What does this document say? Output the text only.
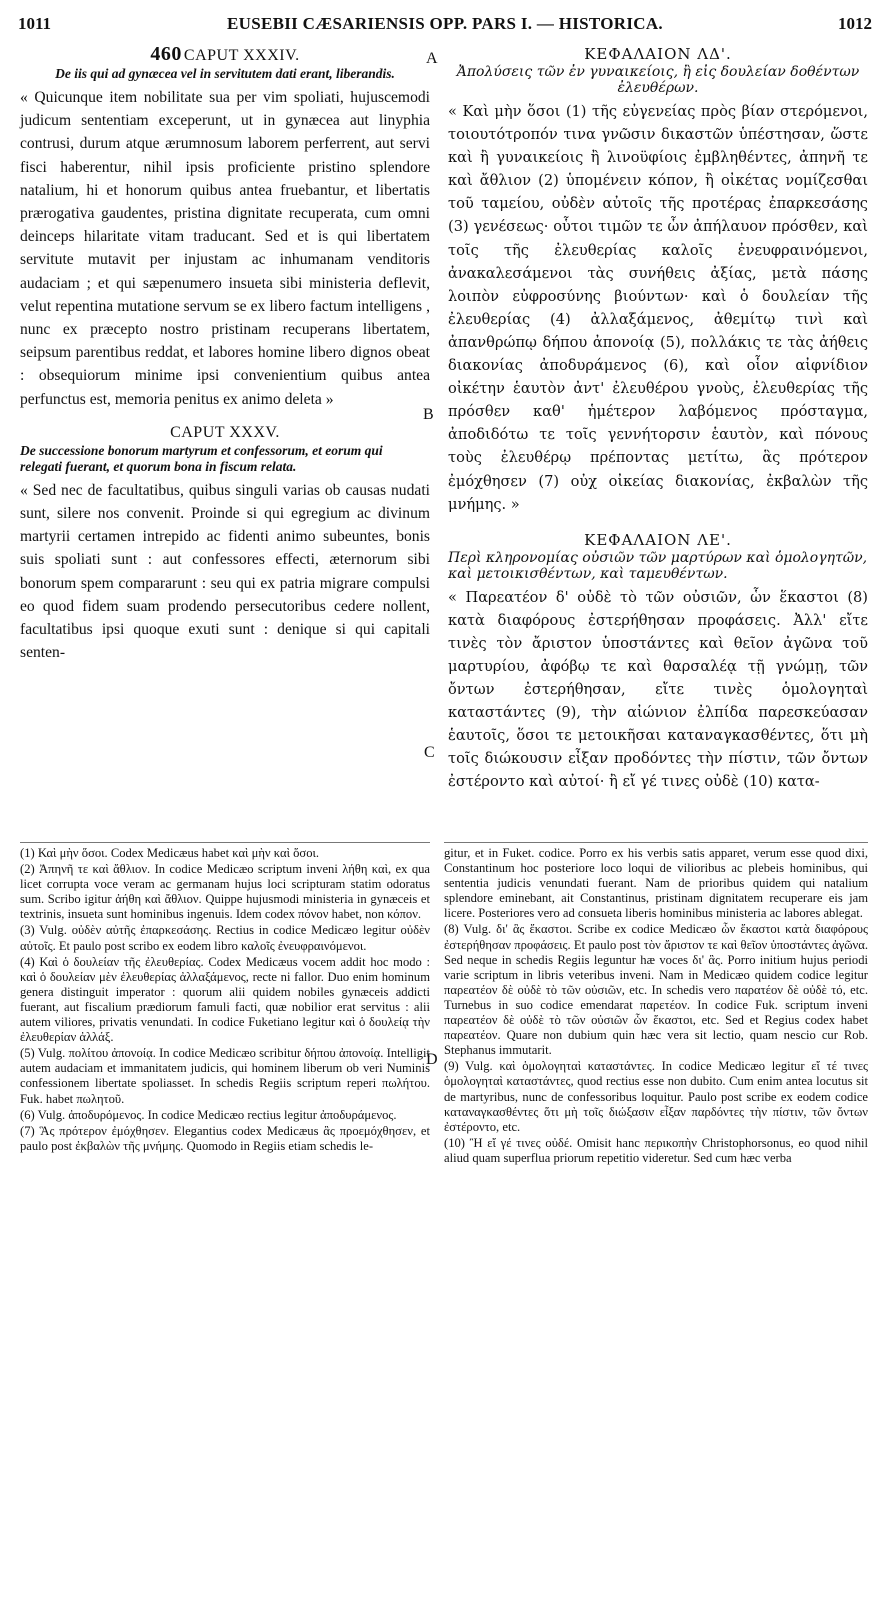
1011	EUSEBII CÆSARIENSIS OPP. PARS I. — HISTORICA.	1012
A
B
C
D
460 CAPUT XXXIV.
De iis qui ad gynæcea vel in servitutem dati erant, liberandis.

« Quicunque item nobilitate sua per vim spoliati, hujuscemodi judicum sententiam exceperunt, ut in gynæcea aut linyphia contrusi, durum atque ærumnosum laborem perferrent, aut servi fisci haberentur, nihil ipsis proficiente pristino splendore natalium, hi et honorum quibus antea fruebantur, et libertatis prærogativa gaudentes, pristina dignitate recuperata, cum omni deinceps hilaritate vitam traducant. Sed et is qui libertatem servitute mutavit per injustam ac inhumanam venditoris audaciam ; et qui sæpenumero insueta sibi ministeria deflevit, velut repentina mutatione servum se ex libero factum intelligens , nunc ex præcepto nostro pristinam recuperans libertatem, seipsum parentibus reddat, et labores homine libero dignos obeat : obsequiorum minime ipsi convenientium quibus antea perfunctus est, memoria penitus ex animo deleta »

CAPUT XXXV.
De successione bonorum martyrum et confessorum, et eorum qui relegati fuerant, et quorum bona in fiscum relata.

« Sed nec de facultatibus, quibus singuli varias ob causas nudati sunt, silere nos convenit. Proinde si qui egregium ac divinum martyrii certamen intrepido ac fidenti animo subeuntes, bonis suis spoliati sunt : aut confessores effecti, æternorum sibi bonorum spem compararunt : seu qui ex patria migrare compulsi eo quod fidem suam prodendo persecutoribus cedere nollent, facultatibus ipsi quoque exuti sunt : denique si qui capitali senten-

ΚΕΦΑΛΑΙΟΝ ΛΔ'.
Ἀπολύσεις τῶν ἐν γυναικείοις, ἢ εἰς δουλείαν δοθέντων ἐλευθέρων.

« Καὶ μὴν ὅσοι (1) τῆς εὐγενείας πρὸς βίαν στερόμενοι, τοιουτότροπόν τινα γνῶσιν δικαστῶν ὑπέστησαν, ὥστε καὶ ἢ γυναικείοις ἢ λινοϋφίοις ἐμβληθέντες, ἀπηνῆ τε καὶ ἄθλιον (2) ὑπομένειν κόπον, ἢ οἰκέτας νομίζεσθαι τοῦ ταμείου, οὐδὲν αὐτοῖς τῆς προτέρας ἐπαρκεσάσης (3) γενέσεως· οὗτοι τιμῶν τε ὧν ἀπήλαυον πρόσθεν, καὶ τοῖς τῆς ἐλευθερίας καλοῖς ἐνευφραινόμενοι, ἀνακαλεσάμενοι τὰς συνήθεις ἀξίας, μετὰ πάσης λοιπὸν εὐφροσύνης βιούντων· καὶ ὁ δουλείαν τῆς ἐλευθερίας (4) ἀλλαξάμενος, ἀθεμίτῳ τινὶ καὶ ἀπανθρώπῳ δήπου ἀπονοίᾳ (5), πολλάκις τε τὰς ἀήθεις διακονίας ἀποδυράμενος (6), καὶ οἷον αἰφνίδιον οἰκέτην ἑαυτὸν ἀντ' ἐλευθέρου γνοὺς, ἐλευθερίας τῆς πρόσθεν καθ' ἡμέτερον λαβόμενος πρόσταγμα, ἀποδιδότω τε τοῖς γεννήτορσιν ἑαυτὸν, καὶ πόνους τοὺς ἐλευθέρῳ πρέποντας μετίτω, ἃς πρότερον ἐμόχθησεν (7) οὐχ οἰκείας διακονίας, ἐκβαλὼν τῆς μνήμης. »

ΚΕΦΑΛΑΙΟΝ ΛΕ'.
Περὶ κληρονομίας οὐσιῶν τῶν μαρτύρων καὶ ὁμολογητῶν, καὶ μετοικισθέντων, καὶ ταμευθέντων.

« Παρεατέον δ' οὐδὲ τὸ τῶν οὐσιῶν, ὧν ἕκαστοι (8) κατὰ διαφόρους ἐστερήθησαν προφάσεις. Ἀλλ' εἴτε τινὲς τὸν ἄριστον ὑποστάντες καὶ θεῖον ἀγῶνα τοῦ μαρτυρίου, ἀφόβῳ τε καὶ θαρσαλέᾳ τῇ γνώμῃ, τῶν ὄντων ἐστερήθησαν, εἴτε τινὲς ὁμολογηταὶ καταστάντες (9), τὴν αἰώνιον ἐλπίδα παρεσκεύασαν ἑαυτοῖς, ὅσοι τε μετοικῆσαι καταναγκασθέντες, ὅτι μὴ τοῖς διώκουσιν εἶξαν προδόντες τὴν πίστιν, τῶν ὄντων ἐστέροντο καὶ αὐτοί· ἢ εἴ γέ τινες οὐδὲ (10) κατα-

(1) Καὶ μὴν ὅσοι. Codex Medicæus habet καὶ μὴν καὶ ὅσοι.

(2) Ἀπηνῆ τε καὶ ἄθλιον. In codice Medicæo scriptum inveni λήθη καὶ, ex qua licet corrupta voce veram ac germanam hujus loci scripturam statim odoratus sum. Scribo igitur ἀήθη καὶ ἄθλιον. Quippe hujusmodi ministeria in gynæceis et textrinis, insueta sunt hominibus ingenuis. Idem codex πόνον habet, non κόπον.

(3) Vulg. οὐδὲν αὐτῆς ἐπαρκεσάσης. Rectius in codice Medicæo legitur οὐδὲν αὐτοῖς. Et paulo post scribo ex eodem libro καλοῖς ἐνευφραινόμενοι.

(4) Καὶ ὁ δουλείαν τῆς ἐλευθερίας. Codex Medicæus vocem addit hoc modo : καὶ ὁ δουλείαν μὲν ἐλευθερίας ἀλλαξάμενος, recte ni fallor. Duo enim hominum genera distinguit imperator : quorum alii quidem nobiles gynæceis addicti fuerant, aut fiscalium prædiorum famuli facti, quæ nobilior erat servitus : alii autem viliores, privatis venundati. In codice Fuketiano legitur καὶ ὁ δουλείᾳ τὴν ἐλευθερίαν ἀλλάξ.

(5) Vulg. πολίτου ἀπονοίᾳ. In codice Medicæo scribitur δήπου ἀπονοίᾳ. Intelligit autem audaciam et immanitatem judicis, qui hominem liberum ob veri Numinis confessionem libertate spoliasset. In schedis Regiis scriptum reperi πωλήτου. Fuk. habet πωλητοῦ.

(6) Vulg. ἀποδυρόμενος. In codice Medicæo rectius legitur ἀποδυράμενος.

(7) Ἃς πρότερον ἐμόχθησεν. Elegantius codex Medicæus ἃς προεμόχθησεν, et paulo post ἐκβαλὼν τῆς μνήμης. Quomodo in Regiis etiam schedis le-

gitur, et in Fuket. codice. Porro ex his verbis satis apparet, verum esse quod dixi, Constantinum hoc posteriore loco loqui de vilioribus ac plebeis hominibus, qui sententia judicis venundati fuerant. Nam de prioribus quidem qui natalium splendore eminebant, ait Constantinus, pristinam dignitatem recuperare eis jam licere. Posteriores vero ad consueta liberis hominibus ministeria ac labores ablegat.

(8) Vulg. δι' ἃς ἕκαστοι. Scribe ex codice Medicæo ὧν ἕκαστοι κατὰ διαφόρους ἐστερήθησαν προφάσεις. Et paulo post τὸν ἄριστον τε καὶ θεῖον ὑποστάντες ἀγῶνα. Sed neque in schedis Regiis leguntur hæ voces δι' ἃς. Porro initium hujus periodi varie scriptum in libris veteribus inveni. Nam in Medicæo quidem codice legitur παρεατέον δὲ οὐδὲ τὸ τῶν οὐσιῶν, etc. In schedis vero παρατέον δὲ οὐδὲ τό, etc. Turnebus in suo codice emendarat παρετέον. In codice Fuk. scriptum inveni παρεατέον δὲ οὐδὲ τὸ τῶν οὐσιῶν ὧν ἕκαστοι, etc. Sed et Regius codex habet παρεατέον. Quare non dubium quin hæc vera sit lectio, quam nescio cur Rob. Stephanus immutarit.

(9) Vulg. καὶ ὁμολογηταὶ καταστάντες. In codice Medicæo legitur εἴ τέ τινες ὁμολογηταὶ καταστάντες, quod rectius esse non dubito. Cum enim antea locutus sit de martyribus, nunc de confessoribus loquitur. Paulo post scribe ex eodem codice καταναγκασθέντες ὅτι μὴ τοῖς διώξασιν εἶξαν παρδόντες τὴν πίστιν, τῶν ὄντων ἐστέροντο, etc.

(10) Ἢ εἴ γέ τινες οὐδέ. Omisit hanc περικοπὴν Christophorsonus, eo quod nihil aliud quam superflua priorum repetitio videretur. Sed cum hæc verba
